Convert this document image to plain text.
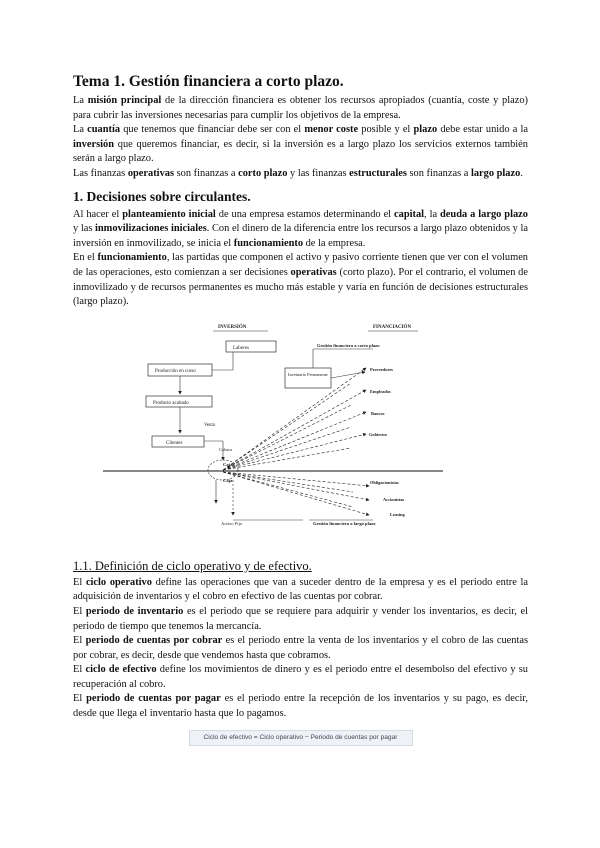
Tema 1. Gestión financiera a corto plazo.

La misión principal de la dirección financiera es obtener los recursos apropiados (cuantía, coste y plazo) para cubrir las inversiones necesarias para cumplir los objetivos de la empresa.

La cuantía que tenemos que financiar debe ser con el menor coste posible y el plazo debe estar unido a la inversión que queremos financiar, es decir, si la inversión es a largo plazo los servicios externos también serán a largo plazo.

Las finanzas operativas son finanzas a corto plazo y las finanzas estructurales son finanzas a largo plazo.

1. Decisiones sobre circulantes.

Al hacer el planteamiento inicial de una empresa estamos determinando el capital, la deuda a largo plazo y las inmovilizaciones iniciales. Con el dinero de la diferencia entre los recursos a largo plazo obtenidos y la inversión en inmovilizado, se inicia el funcionamiento de la empresa.

En el funcionamiento, las partidas que componen el activo y pasivo corriente tienen que ver con el volumen de las operaciones, esto comienzan a ser decisiones operativas (corto plazo). Por el contrario, el volumen de inmovilizado y de recursos permanentes es mucho más estable y varía en función de decisiones estructurales (largo plazo).

INVERSIÓN	FINANCIACIÓN
Labores
Gestión financiera a corto plazo
Producción en curso
Inventario Permanente
Producto acabado
Venta
Clientes
Cobros
Proveedores
Empleados
Bancos
Gobierno
Caja
Caja	Obligacionistas
Accionistas
Leasing
Activo Fijo	Gestión financiera a largo plazo
1.1. Definición de ciclo operativo y de efectivo.

El ciclo operativo define las operaciones que van a suceder dentro de la empresa y es el periodo entre la adquisición de inventarios y el cobro en efectivo de las cuentas por cobrar.

El periodo de inventario es el periodo que se requiere para adquirir y vender los inventarios, es decir, el periodo de tiempo que tenemos la mercancía.

El periodo de cuentas por cobrar es el periodo entre la venta de los inventarios y el cobro de las cuentas por cobrar, es decir, desde que vendemos hasta que cobramos.

El ciclo de efectivo define los movimientos de dinero y es el periodo entre el desembolso del efectivo y su recuperación al cobro.

El periodo de cuentas por pagar es el periodo entre la recepción de los inventarios y su pago, es decir, desde que llega el inventario hasta que lo pagamos.

Ciclo de efectivo = Ciclo operativo − Periodo de cuentas por pagar
